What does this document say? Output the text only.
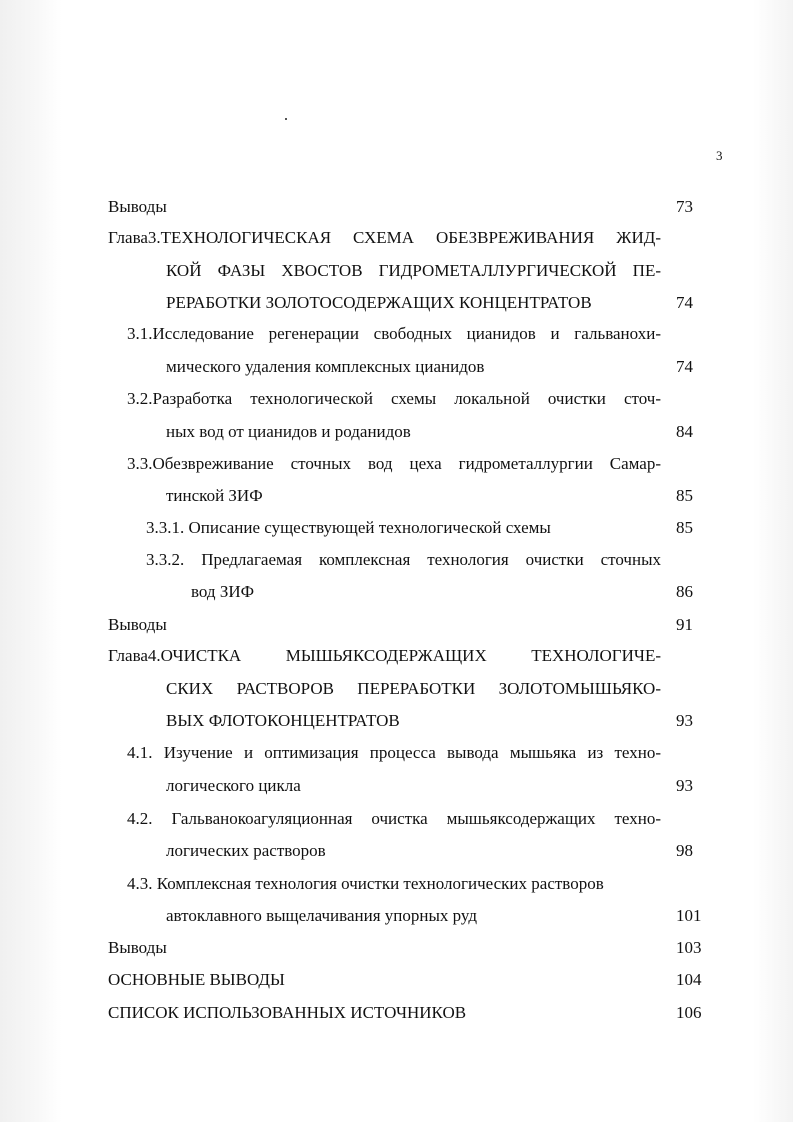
3
Выводы	73
Глава3.ТЕХНОЛОГИЧЕСКАЯ СХЕМА ОБЕЗВРЕЖИВАНИЯ ЖИД-
КОЙ ФАЗЫ ХВОСТОВ ГИДРОМЕТАЛЛУРГИЧЕСКОЙ ПЕ-
РЕРАБОТКИ ЗОЛОТОСОДЕРЖАЩИХ КОНЦЕНТРАТОВ	74
3.1.Исследование регенерации свободных цианидов и гальванохи-
мического удаления комплексных цианидов	74
3.2.Разработка технологической схемы локальной очистки сточ-
ных вод от цианидов и роданидов	84
3.3.Обезвреживание сточных вод цеха гидрометаллургии Самар-
тинской ЗИФ	85
3.3.1. Описание существующей технологической схемы	85
3.3.2. Предлагаемая комплексная технология очистки сточных
вод ЗИФ	86
Выводы	91
Глава4.ОЧИСТКА МЫШЬЯКСОДЕРЖАЩИХ ТЕХНОЛОГИЧЕ-
СКИХ РАСТВОРОВ ПЕРЕРАБОТКИ ЗОЛОТОМЫШЬЯКО-
ВЫХ ФЛОТОКОНЦЕНТРАТОВ	93
4.1. Изучение и оптимизация процесса вывода мышьяка из техно-
логического цикла	93
4.2. Гальванокоагуляционная очистка мышьяксодержащих техно-
логических растворов	98
4.3. Комплексная технология очистки технологических растворов
автоклавного выщелачивания упорных руд	101
Выводы	103
ОСНОВНЫЕ ВЫВОДЫ	104
СПИСОК ИСПОЛЬЗОВАННЫХ ИСТОЧНИКОВ	106
